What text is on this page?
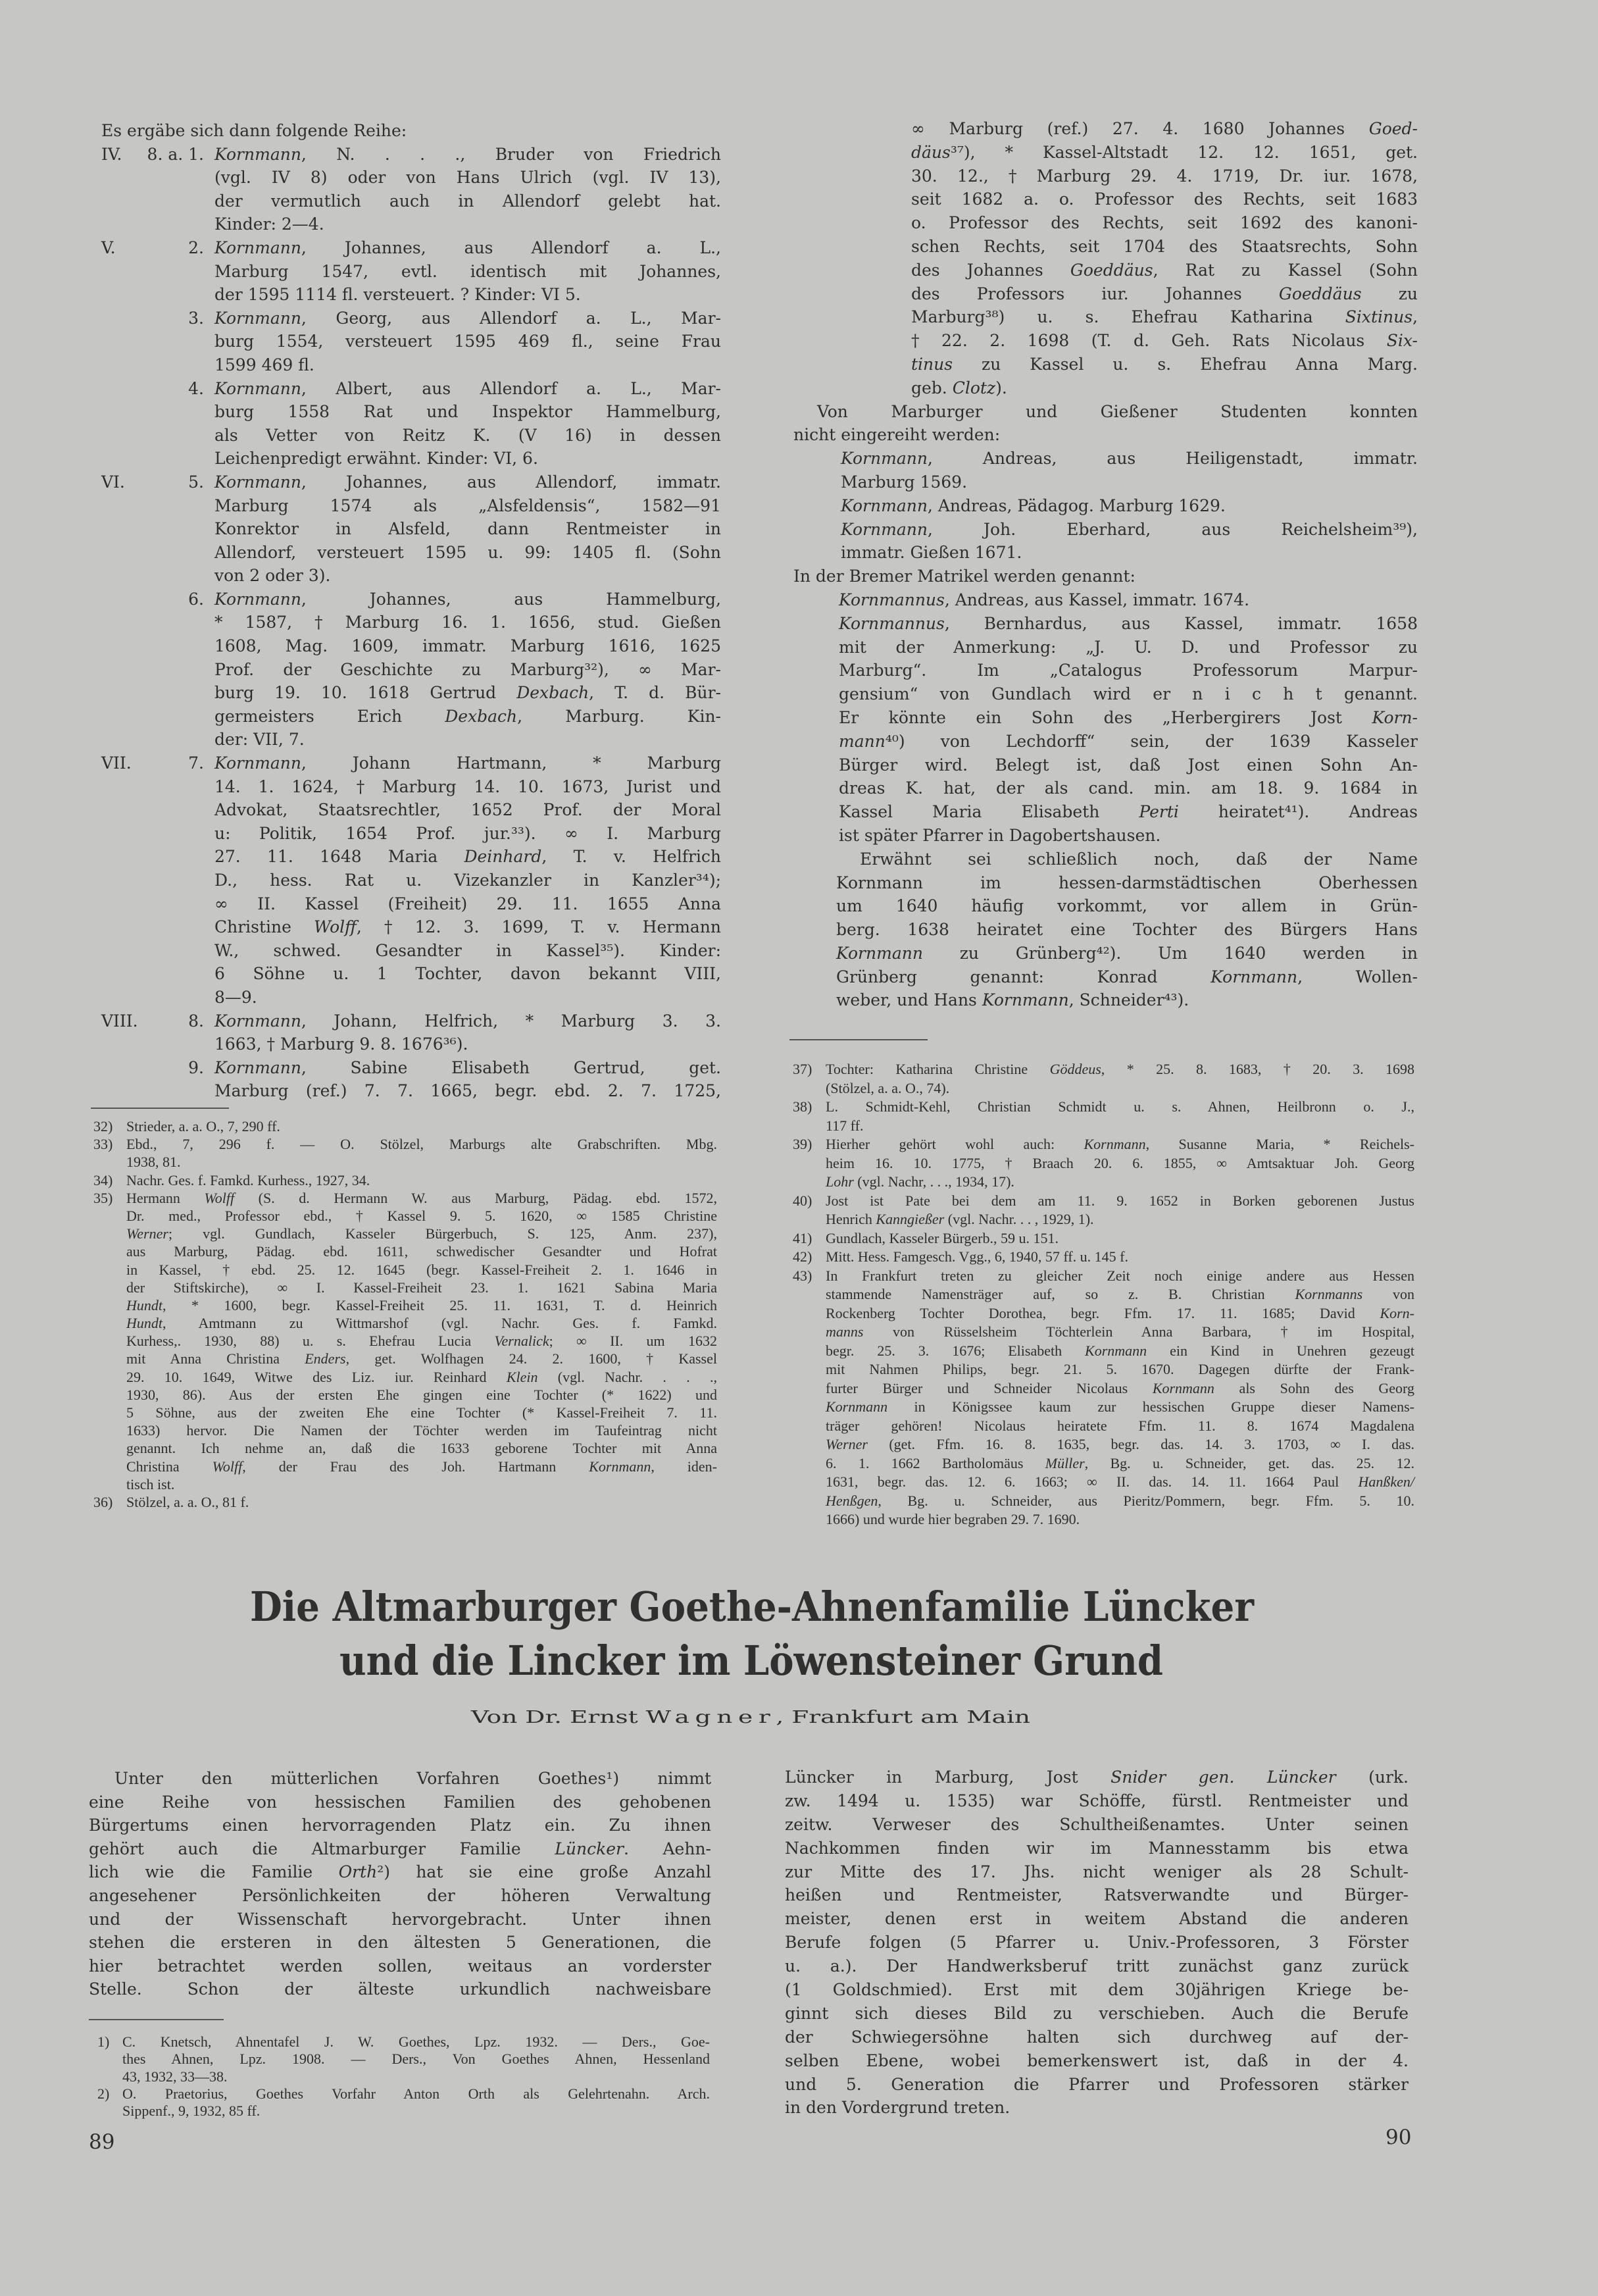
Es ergäbe sich dann folgende Reihe:
IV.	8. a. 1. Kornmann, N. . . ., Bruder von Friedrich
(vgl. IV 8) oder von Hans Ulrich (vgl. IV 13),
der vermutlich auch in Allendorf gelebt hat.
Kinder: 2—4.
V.	2. Kornmann, Johannes, aus Allendorf a. L.,
Marburg 1547, evtl. identisch mit Johannes,
der 1595 1114 fl. versteuert. ? Kinder: VI 5.
3. Kornmann, Georg, aus Allendorf a. L., Mar-
burg 1554, versteuert 1595 469 fl., seine Frau
1599 469 fl.
4. Kornmann, Albert, aus Allendorf a. L., Mar-
burg 1558 Rat und Inspektor Hammelburg,
als Vetter von Reitz K. (V 16) in dessen
Leichenpredigt erwähnt. Kinder: VI, 6.
VI.	5. Kornmann, Johannes, aus Allendorf, immatr.
Marburg 1574 als „Alsfeldensis“, 1582—91
Konrektor in Alsfeld, dann Rentmeister in
Allendorf, versteuert 1595 u. 99: 1405 fl. (Sohn
von 2 oder 3).
6. Kornmann, Johannes, aus Hammelburg,
* 1587, † Marburg 16. 1. 1656, stud. Gießen
1608, Mag. 1609, immatr. Marburg 1616, 1625
Prof. der Geschichte zu Marburg³²), ∞ Mar-
burg 19. 10. 1618 Gertrud Dexbach, T. d. Bür-
germeisters Erich Dexbach, Marburg. Kin-
der: VII, 7.
VII.	7. Kornmann, Johann Hartmann, * Marburg
14. 1. 1624, † Marburg 14. 10. 1673, Jurist und
Advokat, Staatsrechtler, 1652 Prof. der Moral
u: Politik, 1654 Prof. jur.³³). ∞ I. Marburg
27. 11. 1648 Maria Deinhard, T. v. Helfrich
D., hess. Rat u. Vizekanzler in Kanzler³⁴);
∞ II. Kassel (Freiheit) 29. 11. 1655 Anna
Christine Wolff, † 12. 3. 1699, T. v. Hermann
W., schwed. Gesandter in Kassel³⁵). Kinder:
6 Söhne u. 1 Tochter, davon bekannt VIII,
8—9.
VIII.	8. Kornmann, Johann, Helfrich, * Marburg 3. 3.
1663, † Marburg 9. 8. 1676³⁶).
9. Kornmann, Sabine Elisabeth Gertrud, get.
Marburg (ref.) 7. 7. 1665, begr. ebd. 2. 7. 1725,
32) Strieder, a. a. O., 7, 290 ff.
33) Ebd., 7, 296 f. — O. Stölzel, Marburgs alte Grabschriften. Mbg.
1938, 81.
34) Nachr. Ges. f. Famkd. Kurhess., 1927, 34.
35) Hermann Wolff (S. d. Hermann W. aus Marburg, Pädag. ebd. 1572,
Dr. med., Professor ebd., † Kassel 9. 5. 1620, ∞ 1585 Christine
Werner; vgl. Gundlach, Kasseler Bürgerbuch, S. 125, Anm. 237),
aus Marburg, Pädag. ebd. 1611, schwedischer Gesandter und Hofrat
in Kassel, † ebd. 25. 12. 1645 (begr. Kassel-Freiheit 2. 1. 1646 in
der Stiftskirche), ∞ I. Kassel-Freiheit 23. 1. 1621 Sabina Maria
Hundt, * 1600, begr. Kassel-Freiheit 25. 11. 1631, T. d. Heinrich
Hundt, Amtmann zu Wittmarshof (vgl. Nachr. Ges. f. Famkd.
Kurhess,. 1930, 88) u. s. Ehefrau Lucia Vernalick; ∞ II. um 1632
mit Anna Christina Enders, get. Wolfhagen 24. 2. 1600, † Kassel
29. 10. 1649, Witwe des Liz. iur. Reinhard Klein (vgl. Nachr. . . .,
1930, 86). Aus der ersten Ehe gingen eine Tochter (* 1622) und
5 Söhne, aus der zweiten Ehe eine Tochter (* Kassel-Freiheit 7. 11.
1633) hervor. Die Namen der Töchter werden im Taufeintrag nicht
genannt. Ich nehme an, daß die 1633 geborene Tochter mit Anna
Christina Wolff, der Frau des Joh. Hartmann Kornmann, iden-
tisch ist.
36) Stölzel, a. a. O., 81 f.
∞ Marburg (ref.) 27. 4. 1680 Johannes Goed-
däus³⁷), * Kassel-Altstadt 12. 12. 1651, get.
30. 12., † Marburg 29. 4. 1719, Dr. iur. 1678,
seit 1682 a. o. Professor des Rechts, seit 1683
o. Professor des Rechts, seit 1692 des kanoni-
schen Rechts, seit 1704 des Staatsrechts, Sohn
des Johannes Goeddäus, Rat zu Kassel (Sohn
des Professors iur. Johannes Goeddäus zu
Marburg³⁸) u. s. Ehefrau Katharina Sixtinus,
† 22. 2. 1698 (T. d. Geh. Rats Nicolaus Six-
tinus zu Kassel u. s. Ehefrau Anna Marg.
geb. Clotz).
Von Marburger und Gießener Studenten konnten
nicht eingereiht werden:
Kornmann, Andreas, aus Heiligenstadt, immatr.
Marburg 1569.
Kornmann, Andreas, Pädagog. Marburg 1629.
Kornmann, Joh. Eberhard, aus Reichelsheim³⁹),
immatr. Gießen 1671.
In der Bremer Matrikel werden genannt:
Kornmannus, Andreas, aus Kassel, immatr. 1674.
Kornmannus, Bernhardus, aus Kassel, immatr. 1658
mit der Anmerkung: „J. U. D. und Professor zu
Marburg“. Im „Catalogus Professorum Marpur-
gensium“ von Gundlach wird er n i c h t genannt.
Er könnte ein Sohn des „Herbergirers Jost Korn-
mann⁴⁰) von Lechdorff“ sein, der 1639 Kasseler
Bürger wird. Belegt ist, daß Jost einen Sohn An-
dreas K. hat, der als cand. min. am 18. 9. 1684 in
Kassel Maria Elisabeth Perti heiratet⁴¹). Andreas
ist später Pfarrer in Dagobertshausen.
Erwähnt sei schließlich noch, daß der Name
Kornmann im hessen-darmstädtischen Oberhessen
um 1640 häufig vorkommt, vor allem in Grün-
berg. 1638 heiratet eine Tochter des Bürgers Hans
Kornmann zu Grünberg⁴²). Um 1640 werden in
Grünberg genannt: Konrad Kornmann, Wollen-
weber, und Hans Kornmann, Schneider⁴³).
37) Tochter: Katharina Christine Göddeus, * 25. 8. 1683, † 20. 3. 1698
(Stölzel, a. a. O., 74).
38) L. Schmidt-Kehl, Christian Schmidt u. s. Ahnen, Heilbronn o. J.,
117 ff.
39) Hierher gehört wohl auch: Kornmann, Susanne Maria, * Reichels-
heim 16. 10. 1775, † Braach 20. 6. 1855, ∞ Amtsaktuar Joh. Georg
Lohr (vgl. Nachr, . . ., 1934, 17).
40) Jost ist Pate bei dem am 11. 9. 1652 in Borken geborenen Justus
Henrich Kanngießer (vgl. Nachr. . . , 1929, 1).
41) Gundlach, Kasseler Bürgerb., 59 u. 151.
42) Mitt. Hess. Famgesch. Vgg., 6, 1940, 57 ff. u. 145 f.
43) In Frankfurt treten zu gleicher Zeit noch einige andere aus Hessen
stammende Namensträger auf, so z. B. Christian Kornmanns von
Rockenberg Tochter Dorothea, begr. Ffm. 17. 11. 1685; David Korn-
manns von Rüsselsheim Töchterlein Anna Barbara, † im Hospital,
begr. 25. 3. 1676; Elisabeth Kornmann ein Kind in Unehren gezeugt
mit Nahmen Philips, begr. 21. 5. 1670. Dagegen dürfte der Frank-
furter Bürger und Schneider Nicolaus Kornmann als Sohn des Georg
Kornmann in Königssee kaum zur hessischen Gruppe dieser Namens-
träger gehören! Nicolaus heiratete Ffm. 11. 8. 1674 Magdalena
Werner (get. Ffm. 16. 8. 1635, begr. das. 14. 3. 1703, ∞ I. das.
6. 1. 1662 Bartholomäus Müller, Bg. u. Schneider, get. das. 25. 12.
1631, begr. das. 12. 6. 1663; ∞ II. das. 14. 11. 1664 Paul Hanßken/
Henßgen, Bg. u. Schneider, aus Pieritz/Pommern, begr. Ffm. 5. 10.
1666) und wurde hier begraben 29. 7. 1690.
Die Altmarburger Goethe-Ahnenfamilie Lüncker
und die Lincker im Löwensteiner Grund
Von Dr. Ernst Wagner, Frankfurt am Main
Unter den mütterlichen Vorfahren Goethes¹) nimmt
eine Reihe von hessischen Familien des gehobenen
Bürgertums einen hervorragenden Platz ein. Zu ihnen
gehört auch die Altmarburger Familie Lüncker. Aehn-
lich wie die Familie Orth²) hat sie eine große Anzahl
angesehener Persönlichkeiten der höheren Verwaltung
und der Wissenschaft hervorgebracht. Unter ihnen
stehen die ersteren in den ältesten 5 Generationen, die
hier betrachtet werden sollen, weitaus an vorderster
Stelle. Schon der älteste urkundlich nachweisbare
1) C. Knetsch, Ahnentafel J. W. Goethes, Lpz. 1932. — Ders., Goe-
thes Ahnen, Lpz. 1908. — Ders., Von Goethes Ahnen, Hessenland
43, 1932, 33—38.
2) O. Praetorius, Goethes Vorfahr Anton Orth als Gelehrtenahn. Arch.
Sippenf., 9, 1932, 85 ff.
89
Lüncker in Marburg, Jost Snider gen. Lüncker (urk.
zw. 1494 u. 1535) war Schöffe, fürstl. Rentmeister und
zeitw. Verweser des Schultheißenamtes. Unter seinen
Nachkommen finden wir im Mannesstamm bis etwa
zur Mitte des 17. Jhs. nicht weniger als 28 Schult-
heißen und Rentmeister, Ratsverwandte und Bürger-
meister, denen erst in weitem Abstand die anderen
Berufe folgen (5 Pfarrer u. Univ.-Professoren, 3 Förster
u. a.). Der Handwerksberuf tritt zunächst ganz zurück
(1 Goldschmied). Erst mit dem 30jährigen Kriege be-
ginnt sich dieses Bild zu verschieben. Auch die Berufe
der Schwiegersöhne halten sich durchweg auf der-
selben Ebene, wobei bemerkenswert ist, daß in der 4.
und 5. Generation die Pfarrer und Professoren stärker
in den Vordergrund treten.
90
